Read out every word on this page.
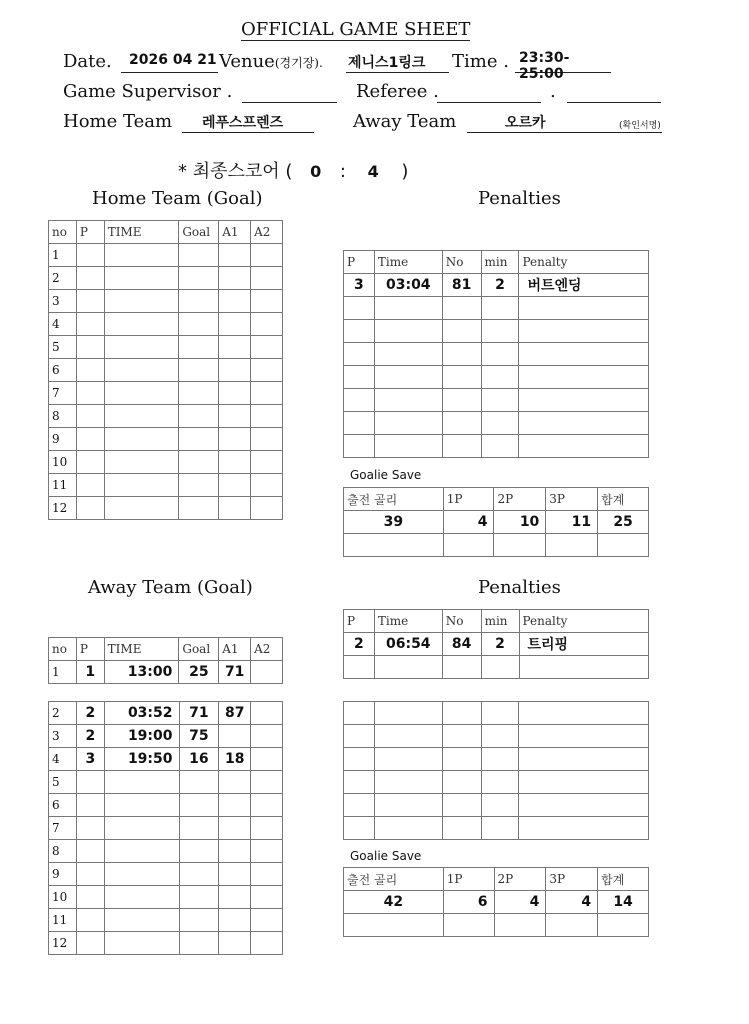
OFFICIAL GAME SHEET
Date. 2026 04 21 Venue(경기장). 제니스1링크 Time . 23:30-25:00
Game Supervisor .	Referee .	.
Home Team 레푸스프렌즈	Away Team	오르카	(확인서명)
* 최종스코어 ( 0 : 4 )
Home Team (Goal)	Penalties
no	P	TIME	Goal	A1	A2
1					
2					
3					
4					
5					
6					
7					
8					
9					
10					
11					
12					
P	Time	No	min	Penalty
3	03:04	81	2	버트엔딩

Goalie Save
출전 골리	1P	2P	3P	합계
39	4	10	11	25

Away Team (Goal)	Penalties
P	Time	No	min	Penalty
2	06:54	84	2	트리핑

no	P	TIME	Goal	A1	A2
1	1	13:00	25	71	
2	2	03:52	71	87	
3	2	19:00	75		
4	3	19:50	16	18	
5					
6					
7					
8					
9					
10					
11					
12					

Goalie Save
출전 골리	1P	2P	3P	합계
42	6	4	4	14
